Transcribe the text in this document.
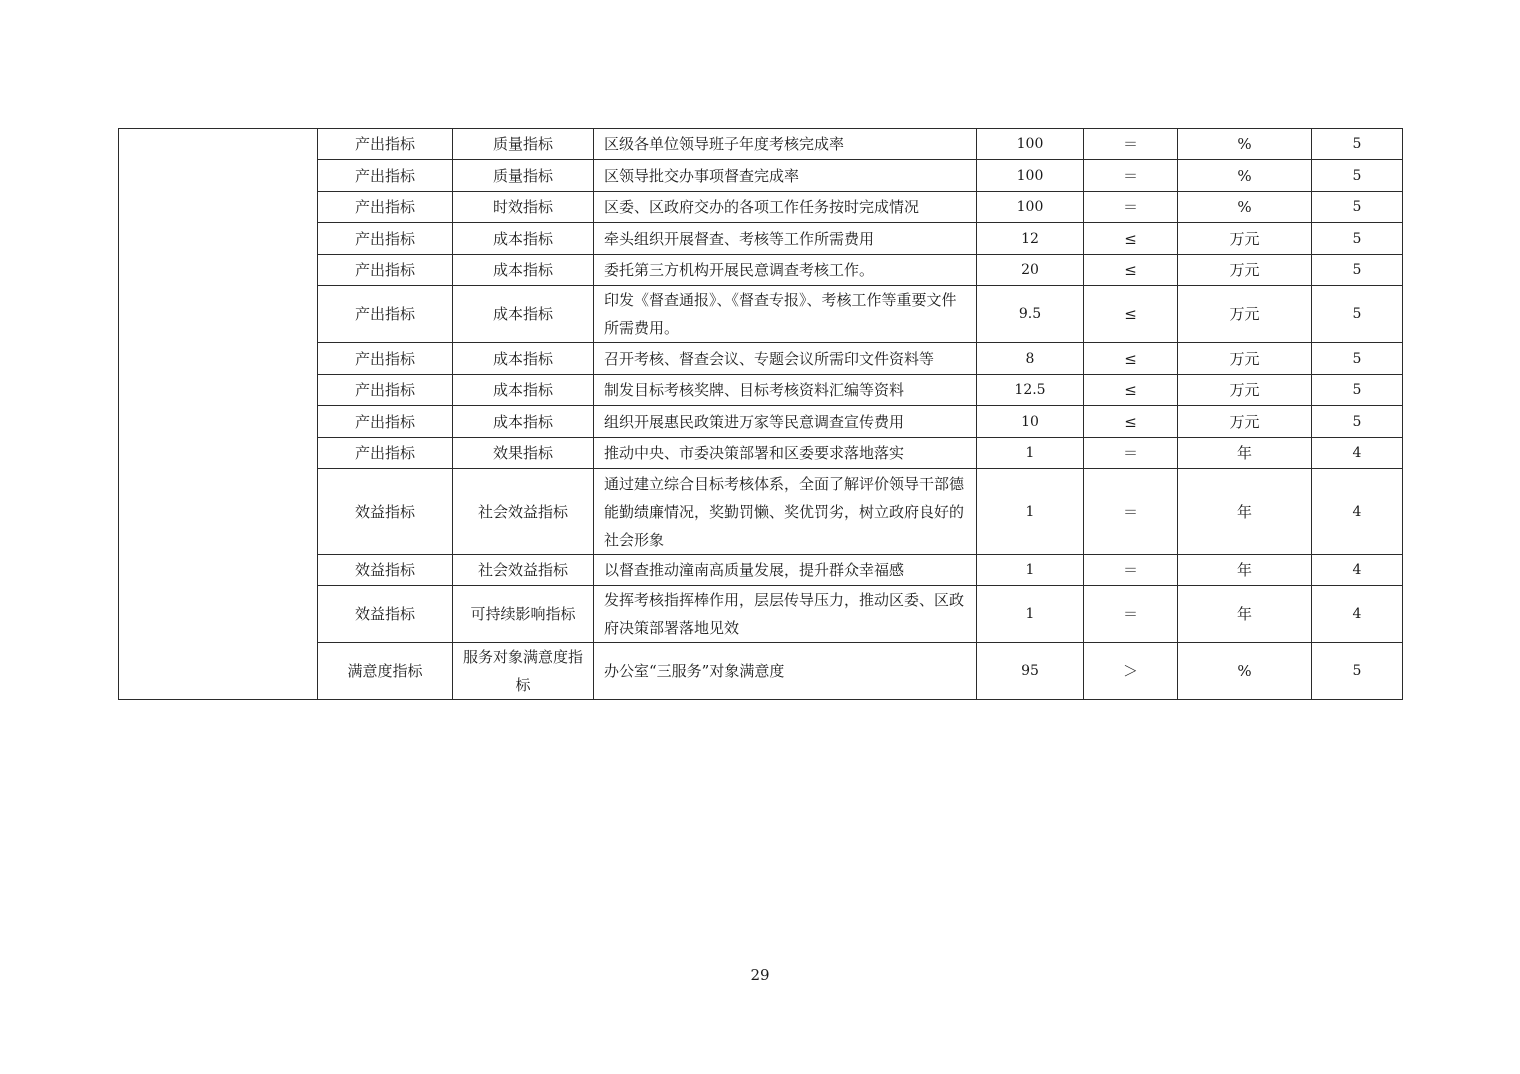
	产出指标	质量指标	区级各单位领导班子年度考核完成率	100	＝	%	5
	产出指标	质量指标	区领导批交办事项督查完成率	100	＝	%	5
	产出指标	时效指标	区委、区政府交办的各项工作任务按时完成情况	100	＝	%	5
	产出指标	成本指标	牵头组织开展督查、考核等工作所需费用	12	≤	万元	5
	产出指标	成本指标	委托第三方机构开展民意调查考核工作。	20	≤	万元	5
	产出指标	成本指标	印发《督查通报》、《督查专报》、考核工作等重要文件所需费用。	9.5	≤	万元	5
	产出指标	成本指标	召开考核、督查会议、专题会议所需印文件资料等	8	≤	万元	5
	产出指标	成本指标	制发目标考核奖牌、目标考核资料汇编等资料	12.5	≤	万元	5
	产出指标	成本指标	组织开展惠民政策进万家等民意调查宣传费用	10	≤	万元	5
	产出指标	效果指标	推动中央、市委决策部署和区委要求落地落实	1	＝	年	4
	效益指标	社会效益指标	通过建立综合目标考核体系，全面了解评价领导干部德能勤绩廉情况，奖勤罚懒、奖优罚劣，树立政府良好的社会形象	1	＝	年	4
	效益指标	社会效益指标	以督查推动潼南高质量发展，提升群众幸福感	1	＝	年	4
	效益指标	可持续影响指标	发挥考核指挥棒作用，层层传导压力，推动区委、区政府决策部署落地见效	1	＝	年	4
	满意度指标	服务对象满意度指标	办公室“三服务”对象满意度	95	＞	%	5
29
